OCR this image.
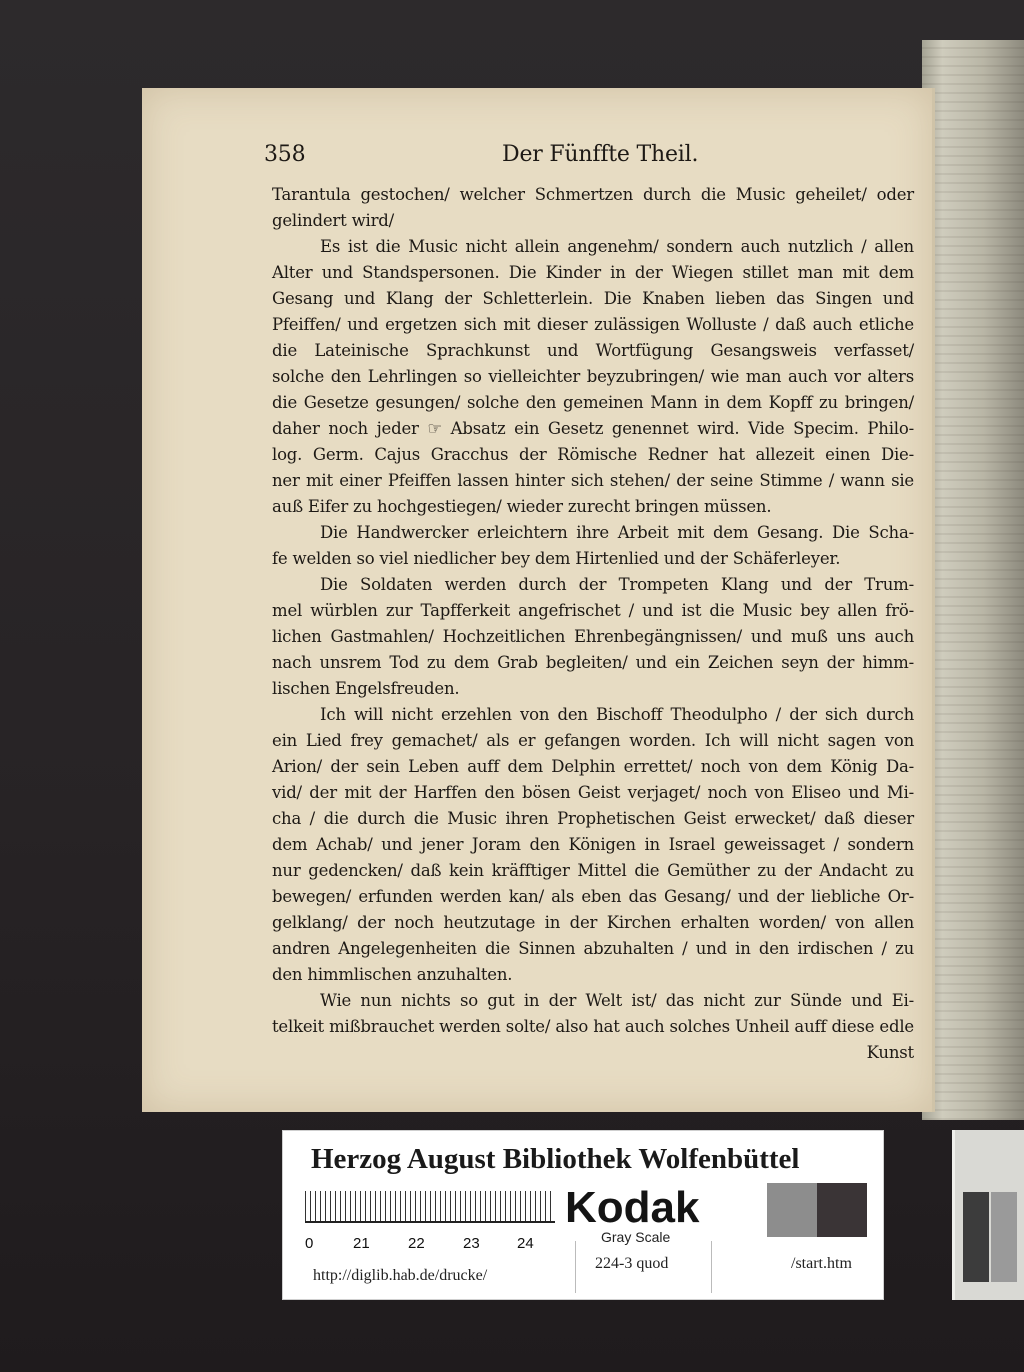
358	Der Fünffte Theil.

Tarantula gestochen/ welcher Schmertzen durch die Music geheilet/ oder

gelindert wird/

Es ist die Music nicht allein angenehm/ sondern auch nutzlich / allen

Alter und Standspersonen. Die Kinder in der Wiegen stillet man mit dem

Gesang und Klang der Schletterlein. Die Knaben lieben das Singen und

Pfeiffen/ und ergetzen sich mit dieser zulässigen Wolluste / daß auch etliche

die Lateinische Sprachkunst und Wortfügung Gesangsweis verfasset/

solche den Lehrlingen so vielleichter beyzubringen/ wie man auch vor alters

die Gesetze gesungen/ solche den gemeinen Mann in dem Kopff zu bringen/

daher noch jeder ☞ Absatz ein Gesetz genennet wird. Vide Specim. Philo-

log. Germ. Cajus Gracchus der Römische Redner hat allezeit einen Die-

ner mit einer Pfeiffen lassen hinter sich stehen/ der seine Stimme / wann sie

auß Eifer zu hochgestiegen/ wieder zurecht bringen müssen.

Die Handwercker erleichtern ihre Arbeit mit dem Gesang. Die Scha-

fe welden so viel niedlicher bey dem Hirtenlied und der Schäferleyer.

Die Soldaten werden durch der Trompeten Klang und der Trum-

mel würblen zur Tapfferkeit angefrischet / und ist die Music bey allen frö-

lichen Gastmahlen/ Hochzeitlichen Ehrenbegängnissen/ und muß uns auch

nach unsrem Tod zu dem Grab begleiten/ und ein Zeichen seyn der himm-

lischen Engelsfreuden.

Ich will nicht erzehlen von den Bischoff Theodulpho / der sich durch

ein Lied frey gemachet/ als er gefangen worden. Ich will nicht sagen von

Arion/ der sein Leben auff dem Delphin errettet/ noch von dem König Da-

vid/ der mit der Harffen den bösen Geist verjaget/ noch von Eliseo und Mi-

cha / die durch die Music ihren Prophetischen Geist erwecket/ daß dieser

dem Achab/ und jener Joram den Königen in Israel geweissaget / sondern

nur gedencken/ daß kein kräfftiger Mittel die Gemüther zu der Andacht zu

bewegen/ erfunden werden kan/ als eben das Gesang/ und der liebliche Or-

gelklang/ der noch heutzutage in der Kirchen erhalten worden/ von allen

andren Angelegenheiten die Sinnen abzuhalten / und in den irdischen / zu

den himmlischen anzuhalten.

Wie nun nichts so gut in der Welt ist/ das nicht zur Sünde und Ei-

telkeit mißbrauchet werden solte/ also hat auch solches Unheil auff diese edle

Kunst

Herzog August Bibliothek Wolfenbüttel
0	21	22	23 24
Kodak
Gray Scale
http://diglib.hab.de/drucke/
224-3 quod	/start.htm
